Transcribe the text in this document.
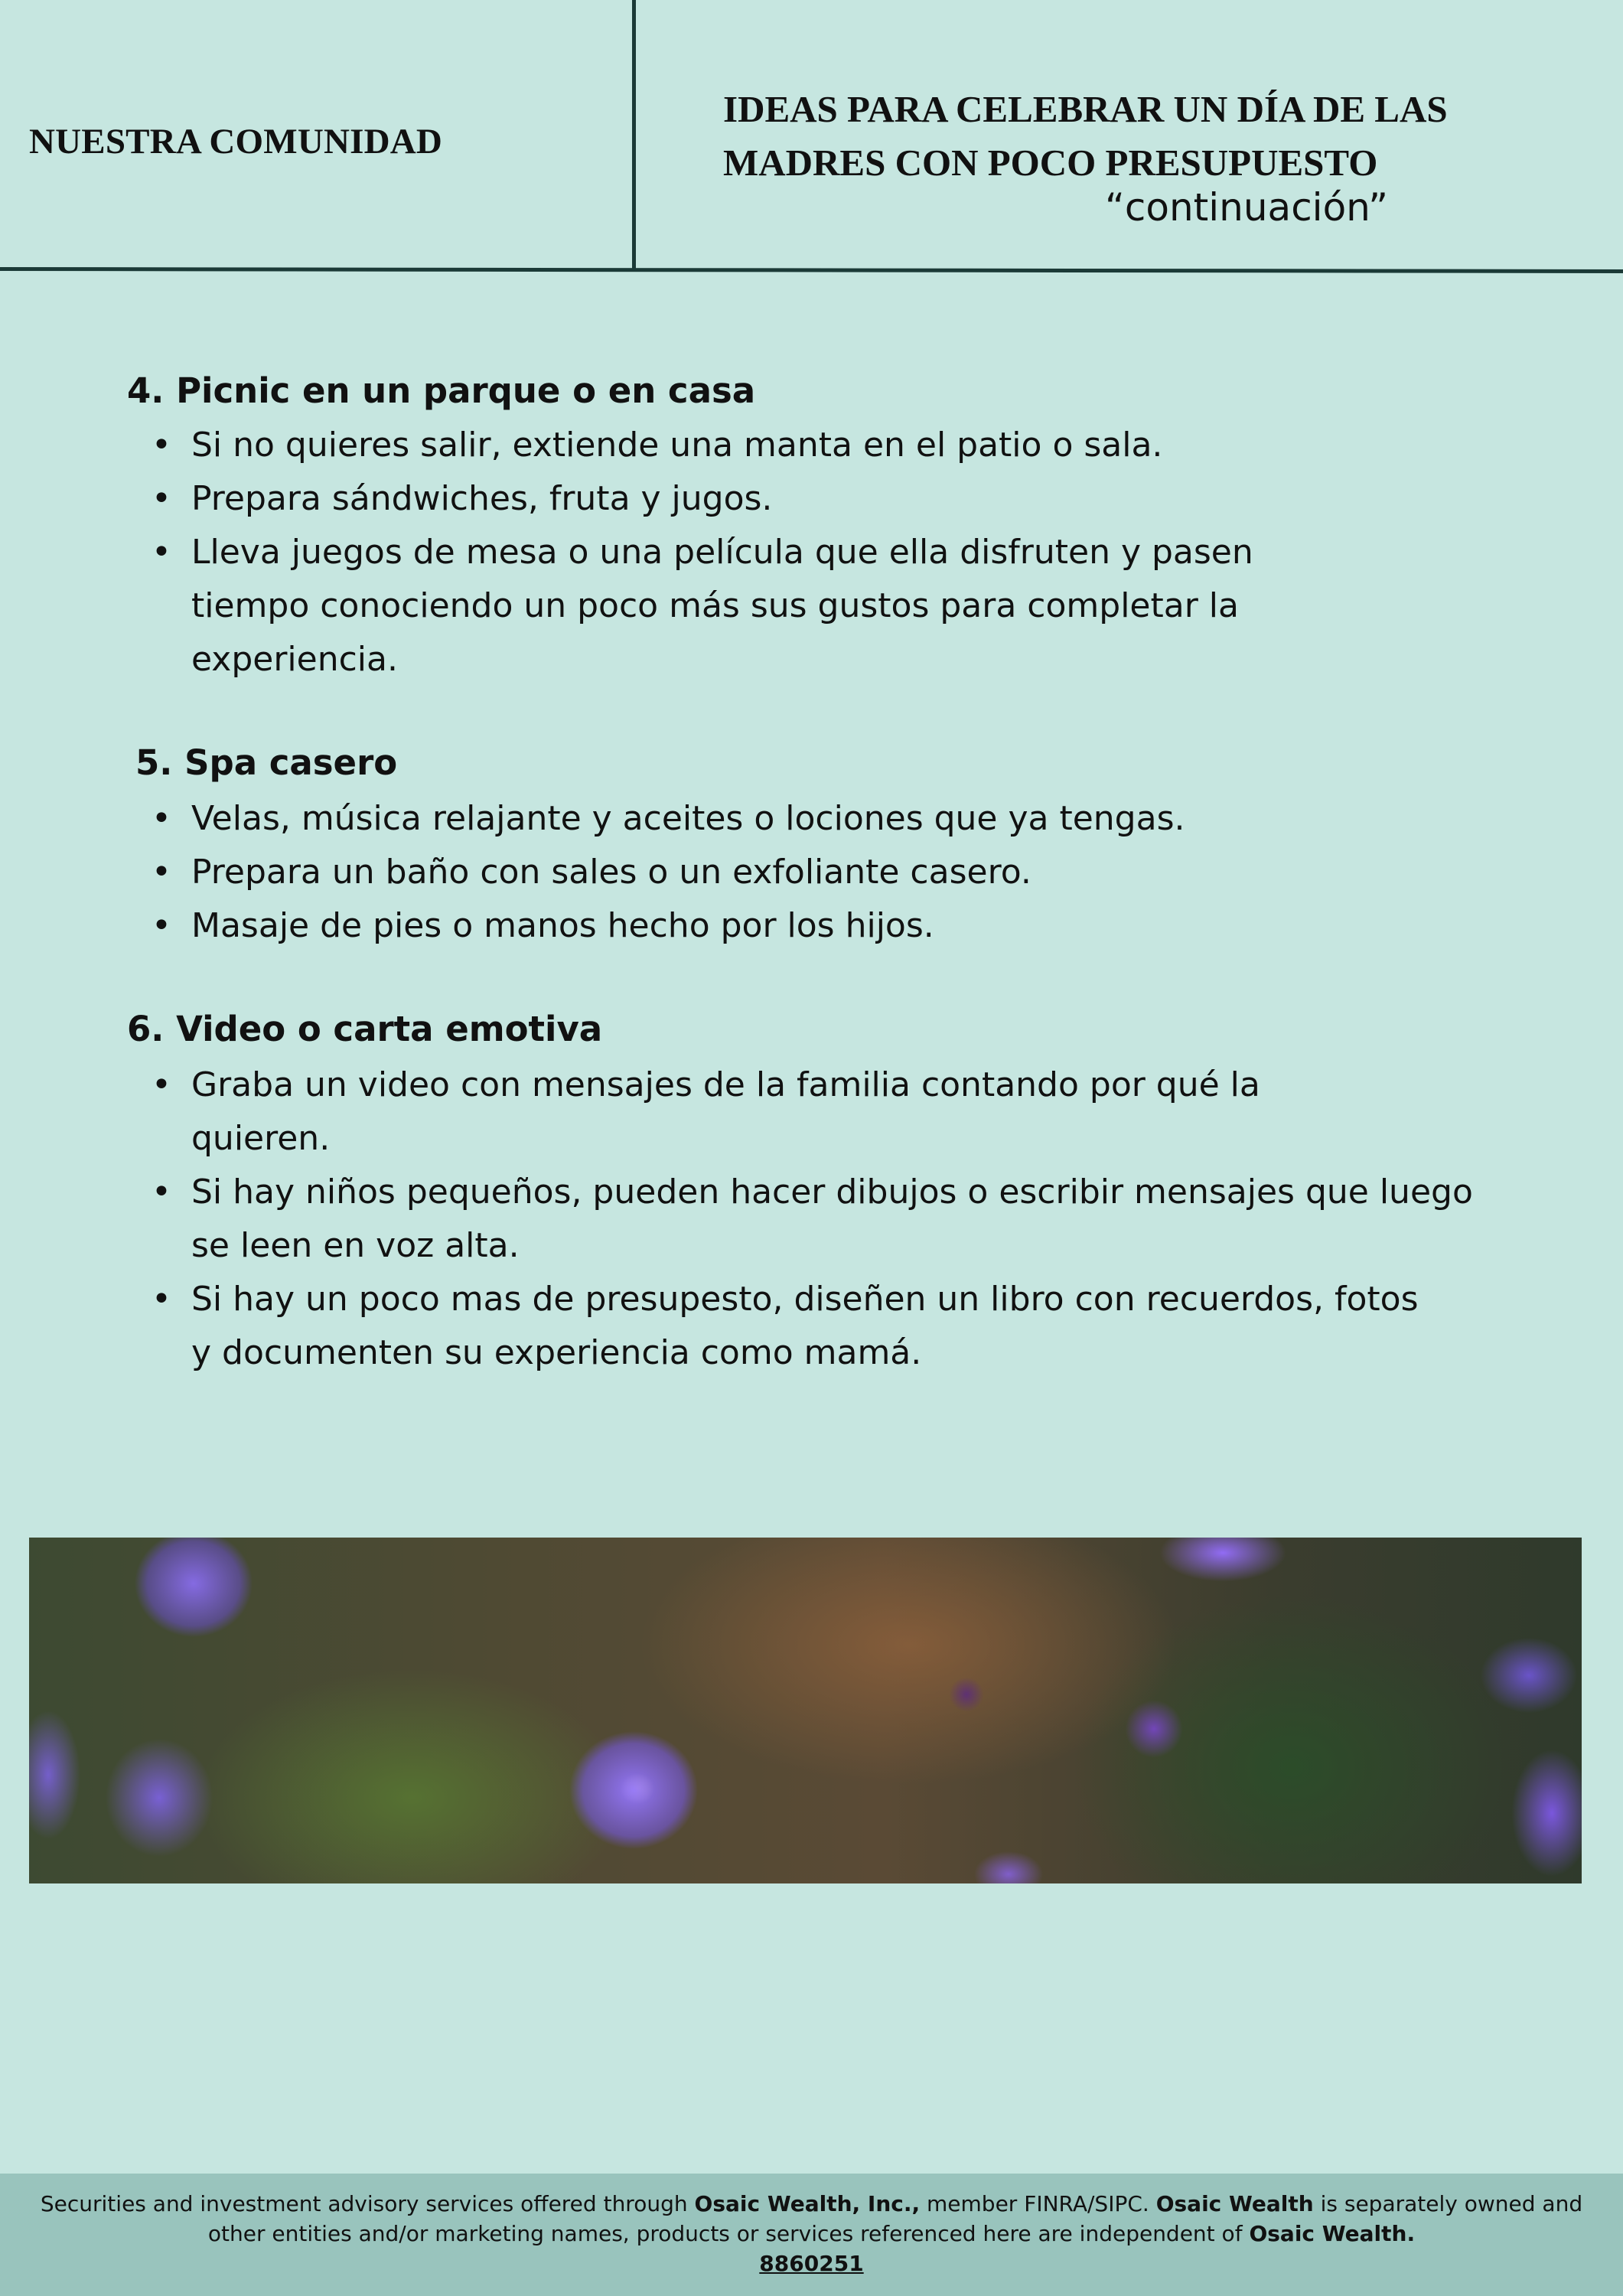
NUESTRA COMUNIDAD
IDEAS PARA CELEBRAR UN DÍA DE LAS
MADRES CON POCO PRESUPUESTO
“continuación”
4. Picnic en un parque o en casa
• Si no quieres salir, extiende una manta en el patio o sala.
• Prepara sándwiches, fruta y jugos.
• Lleva juegos de mesa o una película que ella disfruten y pasen tiempo conociendo un poco más sus gustos para completar la experiencia.
5. Spa casero
• Velas, música relajante y aceites o lociones que ya tengas.
• Prepara un baño con sales o un exfoliante casero.
• Masaje de pies o manos hecho por los hijos.
6. Video o carta emotiva
• Graba un video con mensajes de la familia contando por qué la quieren.
• Si hay niños pequeños, pueden hacer dibujos o escribir mensajes que luego se leen en voz alta.
• Si hay un poco mas de presupesto, diseñen un libro con recuerdos, fotos y documenten su experiencia como mamá.
Securities and investment advisory services offered through Osaic Wealth, Inc., member FINRA/SIPC. Osaic Wealth is separately owned and
other entities and/or marketing names, products or services referenced here are independent of Osaic Wealth.
8860251
